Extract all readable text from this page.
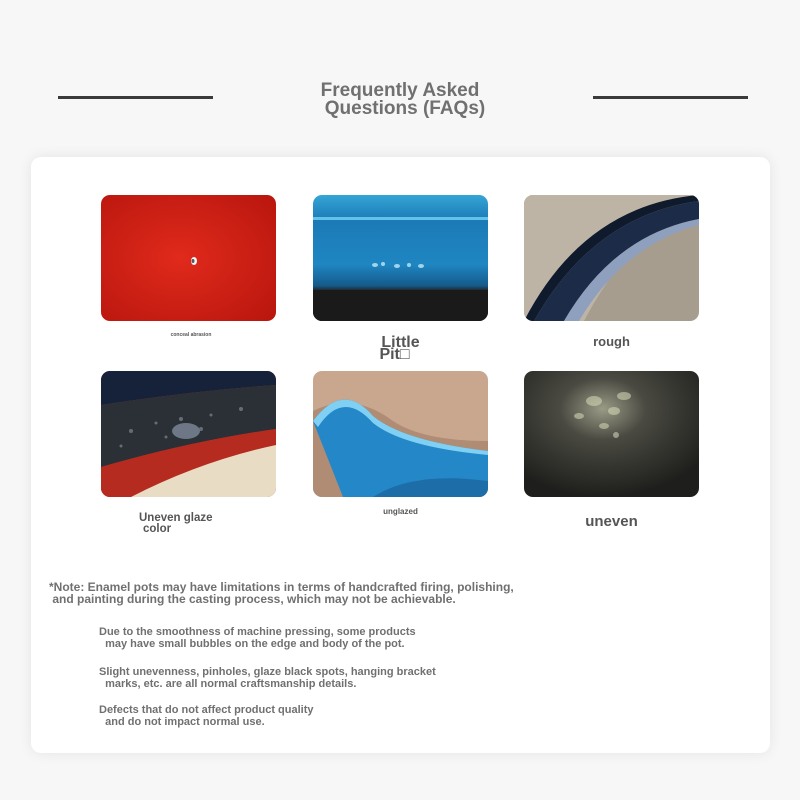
Frequently Asked
Questions (FAQs)
conceal abrasion	Little
Pit□
rough
Uneven glaze
color
unglazed
uneven
*Note: Enamel pots may have limitations in terms of handcrafted firing, polishing,
and painting during the casting process, which may not be achievable.
Due to the smoothness of machine pressing, some products
may have small bubbles on the edge and body of the pot.
Slight unevenness, pinholes, glaze black spots, hanging bracket
marks, etc. are all normal craftsmanship details.
Defects that do not affect product quality
and do not impact normal use.
